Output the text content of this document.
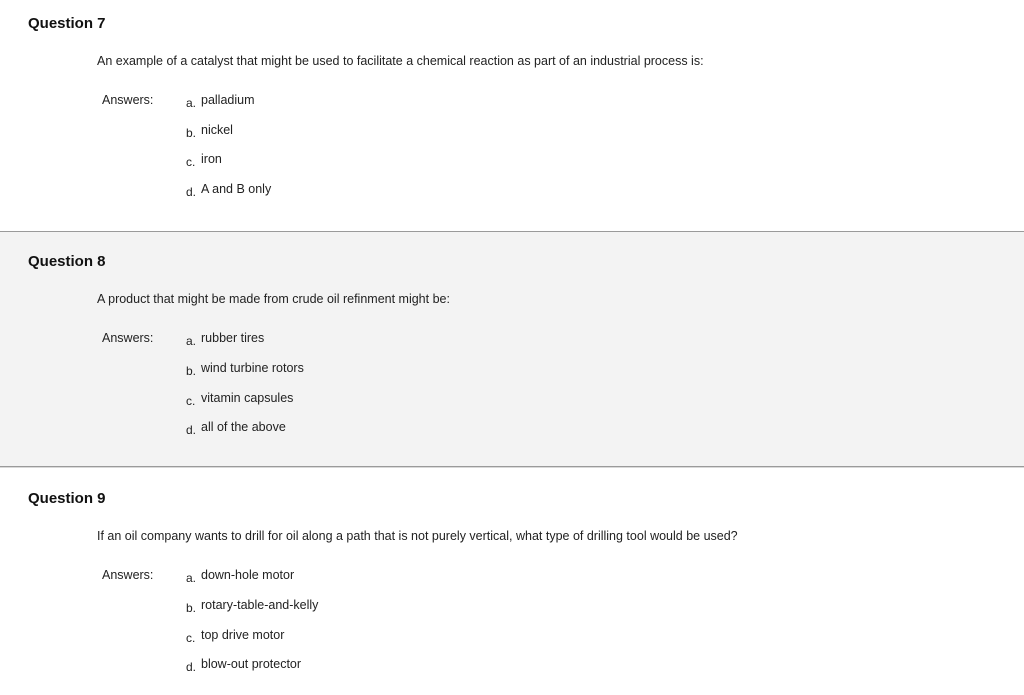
Question 7
An example of a catalyst that might be used to facilitate a chemical reaction as part of an industrial process is:
Answers:	a. palladium
b. nickel
c. iron
d. A and B only
Question 8
A product that might be made from crude oil refinment might be:
Answers:	a. rubber tires
b. wind turbine rotors
c. vitamin capsules
d. all of the above
Question 9
If an oil company wants to drill for oil along a path that is not purely vertical, what type of drilling tool would be used?
Answers:	a. down-hole motor
b. rotary-table-and-kelly
c. top drive motor
d. blow-out protector
